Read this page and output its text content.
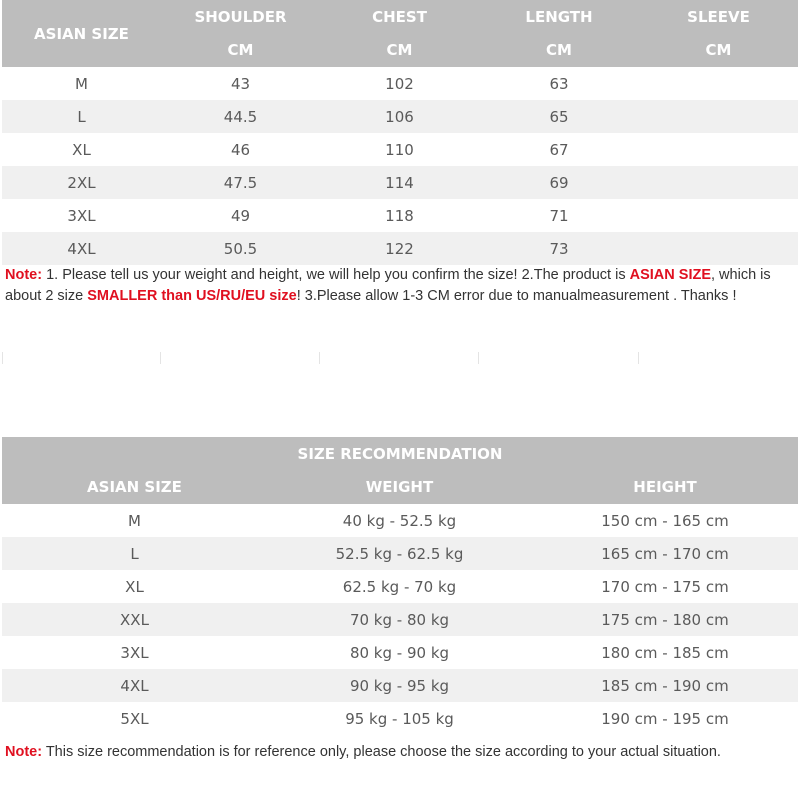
ASIAN SIZE	SHOULDER	CHEST	LENGTH	SLEEVE
	CM	CM	CM	CM
M	43	102	63	
L	44.5	106	65	
XL	46	110	67	
2XL	47.5	114	69	
3XL	49	118	71	
4XL	50.5	122	73	
Note: 1. Please tell us your weight and height, we will help you confirm the size! 2.The product is ASIAN SIZE, which is about 2 size SMALLER than US/RU/EU size! 3.Please allow 1-3 CM error due to manualmeasurement . Thanks !
SIZE RECOMMENDATION		
ASIAN SIZE	WEIGHT	HEIGHT
M	40 kg - 52.5 kg	150 cm - 165 cm
L	52.5 kg - 62.5 kg	165 cm - 170 cm
XL	62.5 kg - 70 kg	170 cm - 175 cm
XXL	70 kg - 80 kg	175 cm - 180 cm
3XL	80 kg - 90 kg	180 cm - 185 cm
4XL	90 kg - 95 kg	185 cm - 190 cm
5XL	95 kg - 105 kg	190 cm - 195 cm
Note: This size recommendation is for reference only, please choose the size according to your actual situation.
